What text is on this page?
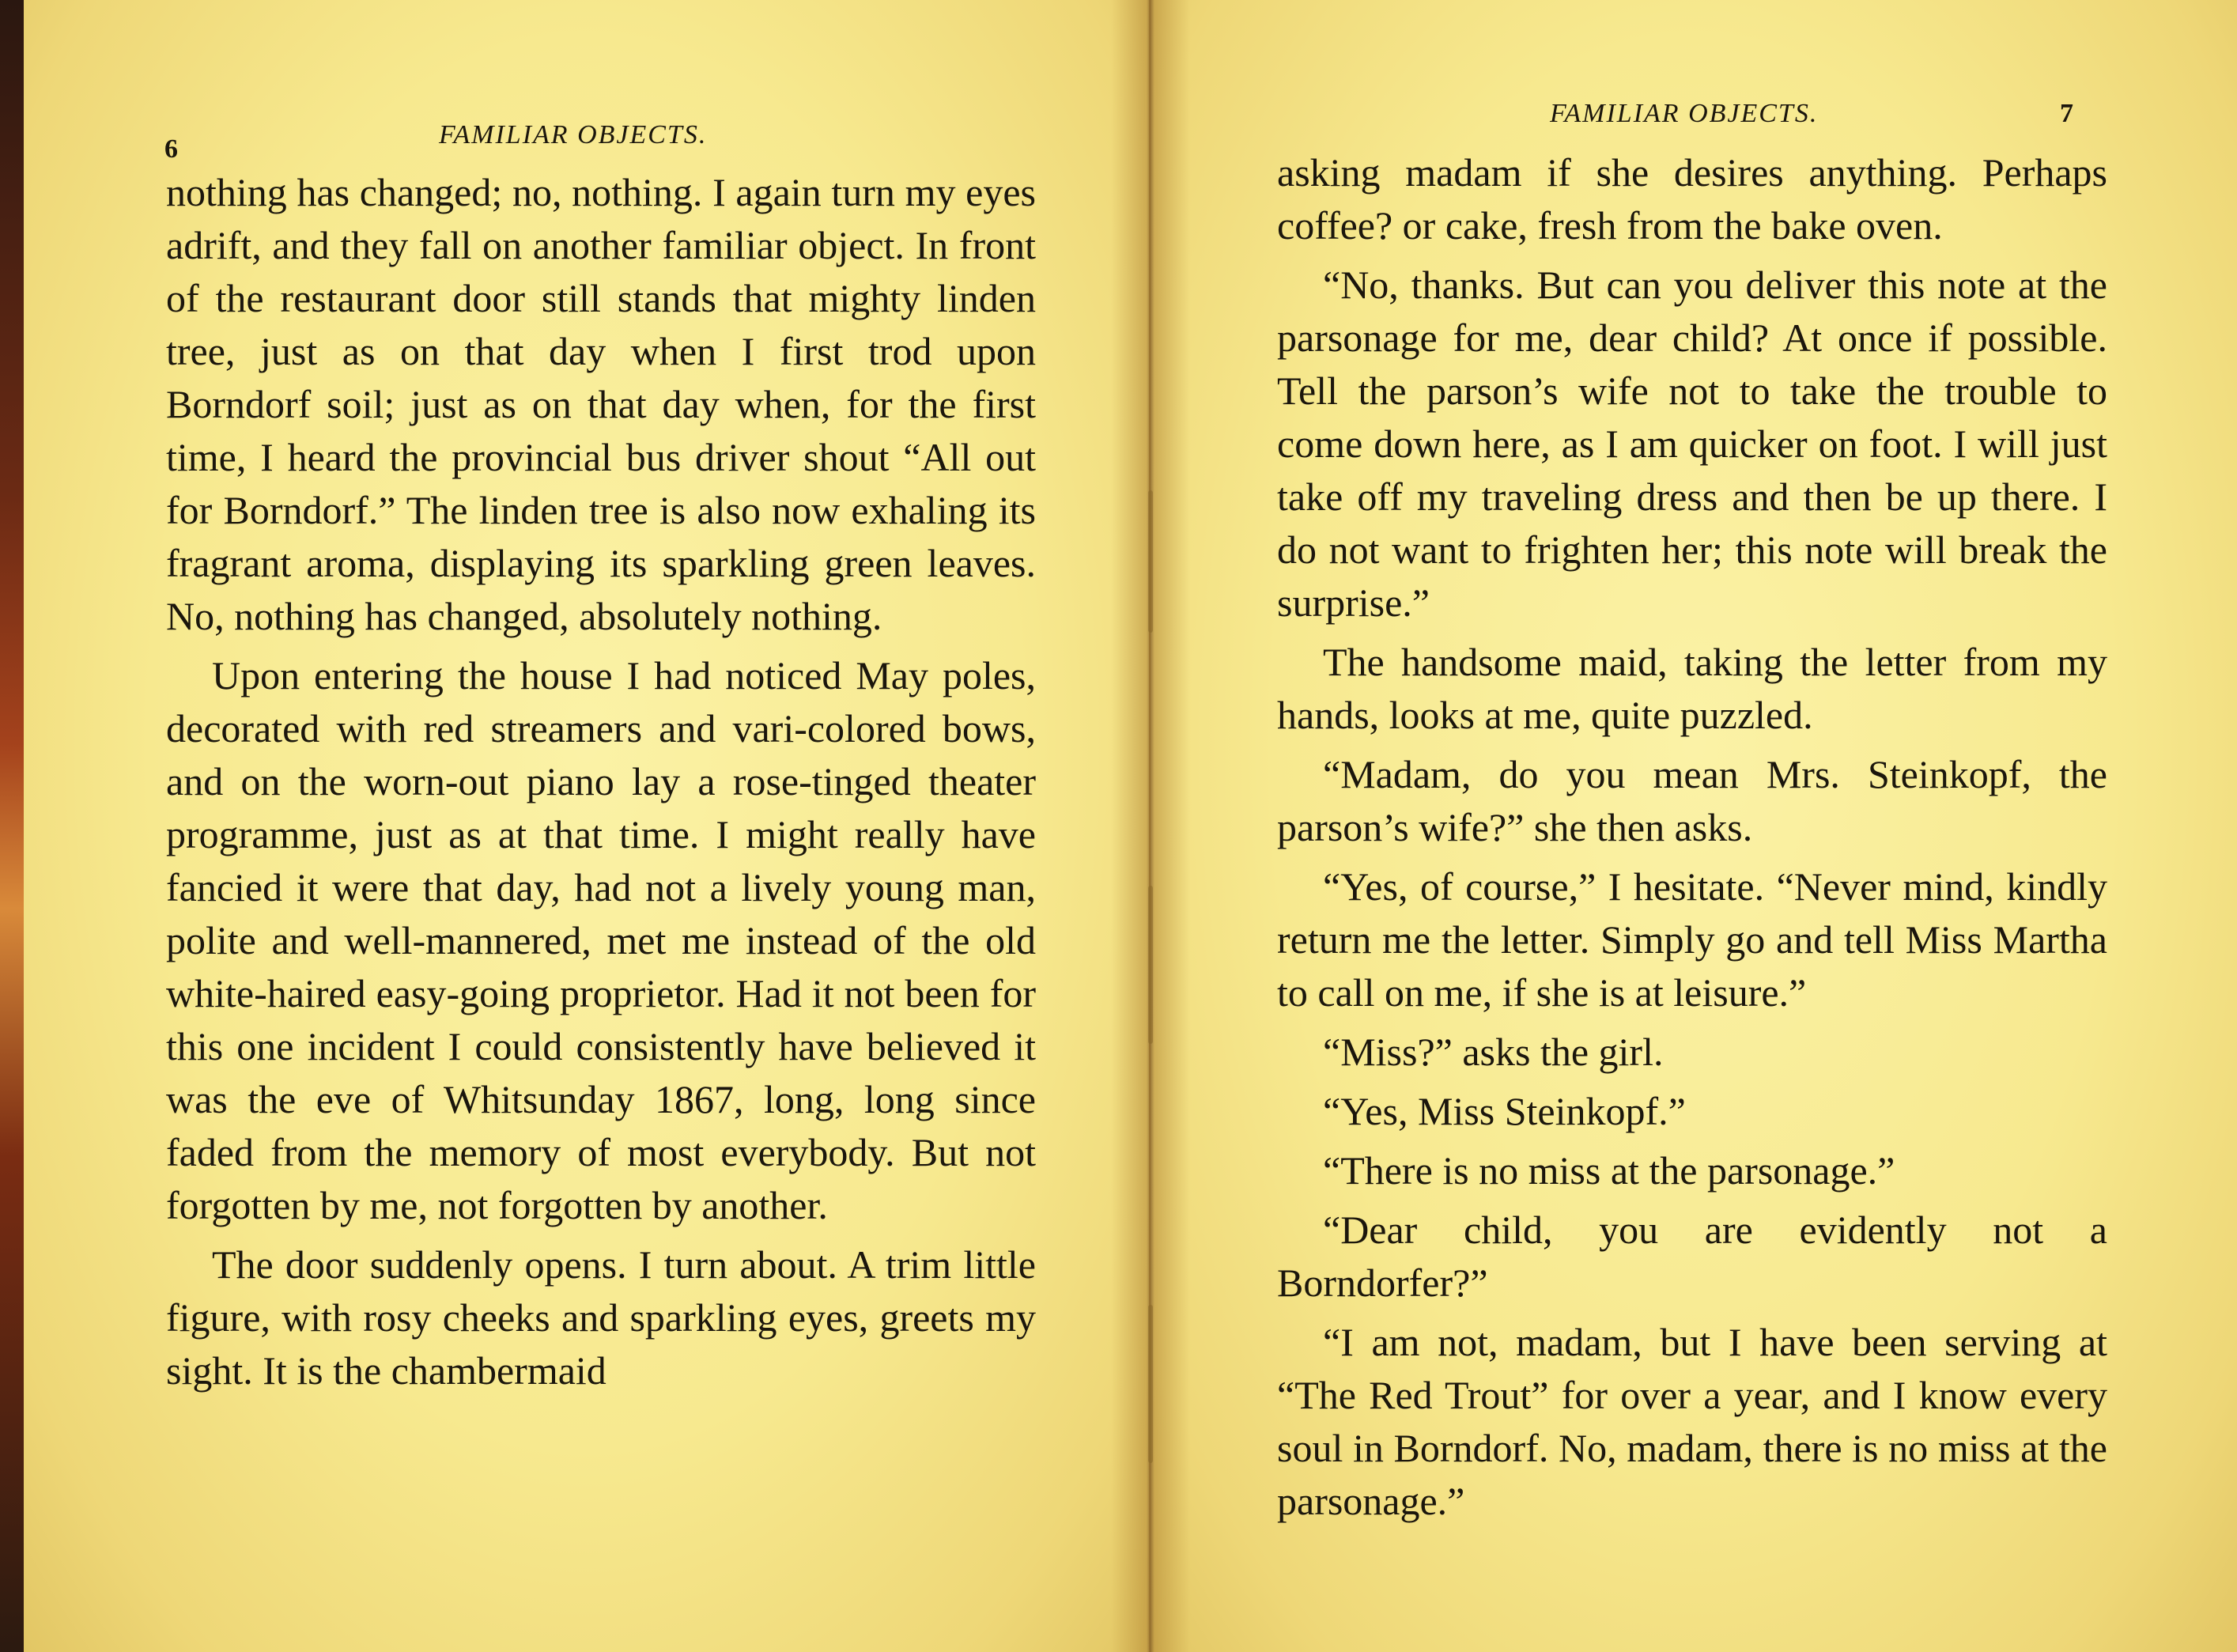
6	FAMILIAR OBJECTS.

nothing has changed; no, nothing. I again turn my eyes adrift, and they fall on another familiar object. In front of the restaurant door still stands that mighty linden tree, just as on that day when I first trod upon Borndorf soil; just as on that day when, for the first time, I heard the provincial bus driver shout “All out for Borndorf.” The linden tree is also now exhaling its fragrant aroma, displaying its sparkling green leaves. No, nothing has changed, absolutely nothing.

Upon entering the house I had noticed May poles, decorated with red streamers and vari-colored bows, and on the worn-out piano lay a rose-tinged theater programme, just as at that time. I might really have fancied it were that day, had not a lively young man, polite and well-mannered, met me instead of the old white-haired easy-going proprietor. Had it not been for this one incident I could consistently have believed it was the eve of Whitsunday 1867, long, long since faded from the memory of most everybody. But not forgotten by me, not forgotten by another.

The door suddenly opens. I turn about. A trim little figure, with rosy cheeks and sparkling eyes, greets my sight. It is the chambermaid

FAMILIAR OBJECTS.	7

asking madam if she desires anything. Perhaps coffee? or cake, fresh from the bake oven.

“No, thanks. But can you deliver this note at the parsonage for me, dear child? At once if possible. Tell the parson’s wife not to take the trouble to come down here, as I am quicker on foot. I will just take off my traveling dress and then be up there. I do not want to frighten her; this note will break the surprise.”

The handsome maid, taking the letter from my hands, looks at me, quite puzzled.

“Madam, do you mean Mrs. Steinkopf, the parson’s wife?” she then asks.

“Yes, of course,” I hesitate. “Never mind, kindly return me the letter. Simply go and tell Miss Martha to call on me, if she is at leisure.”

“Miss?” asks the girl.

“Yes, Miss Steinkopf.”

“There is no miss at the parsonage.”

“Dear child, you are evidently not a Borndorfer?”

“I am not, madam, but I have been serving at “The Red Trout” for over a year, and I know every soul in Borndorf. No, madam, there is no miss at the parsonage.”
